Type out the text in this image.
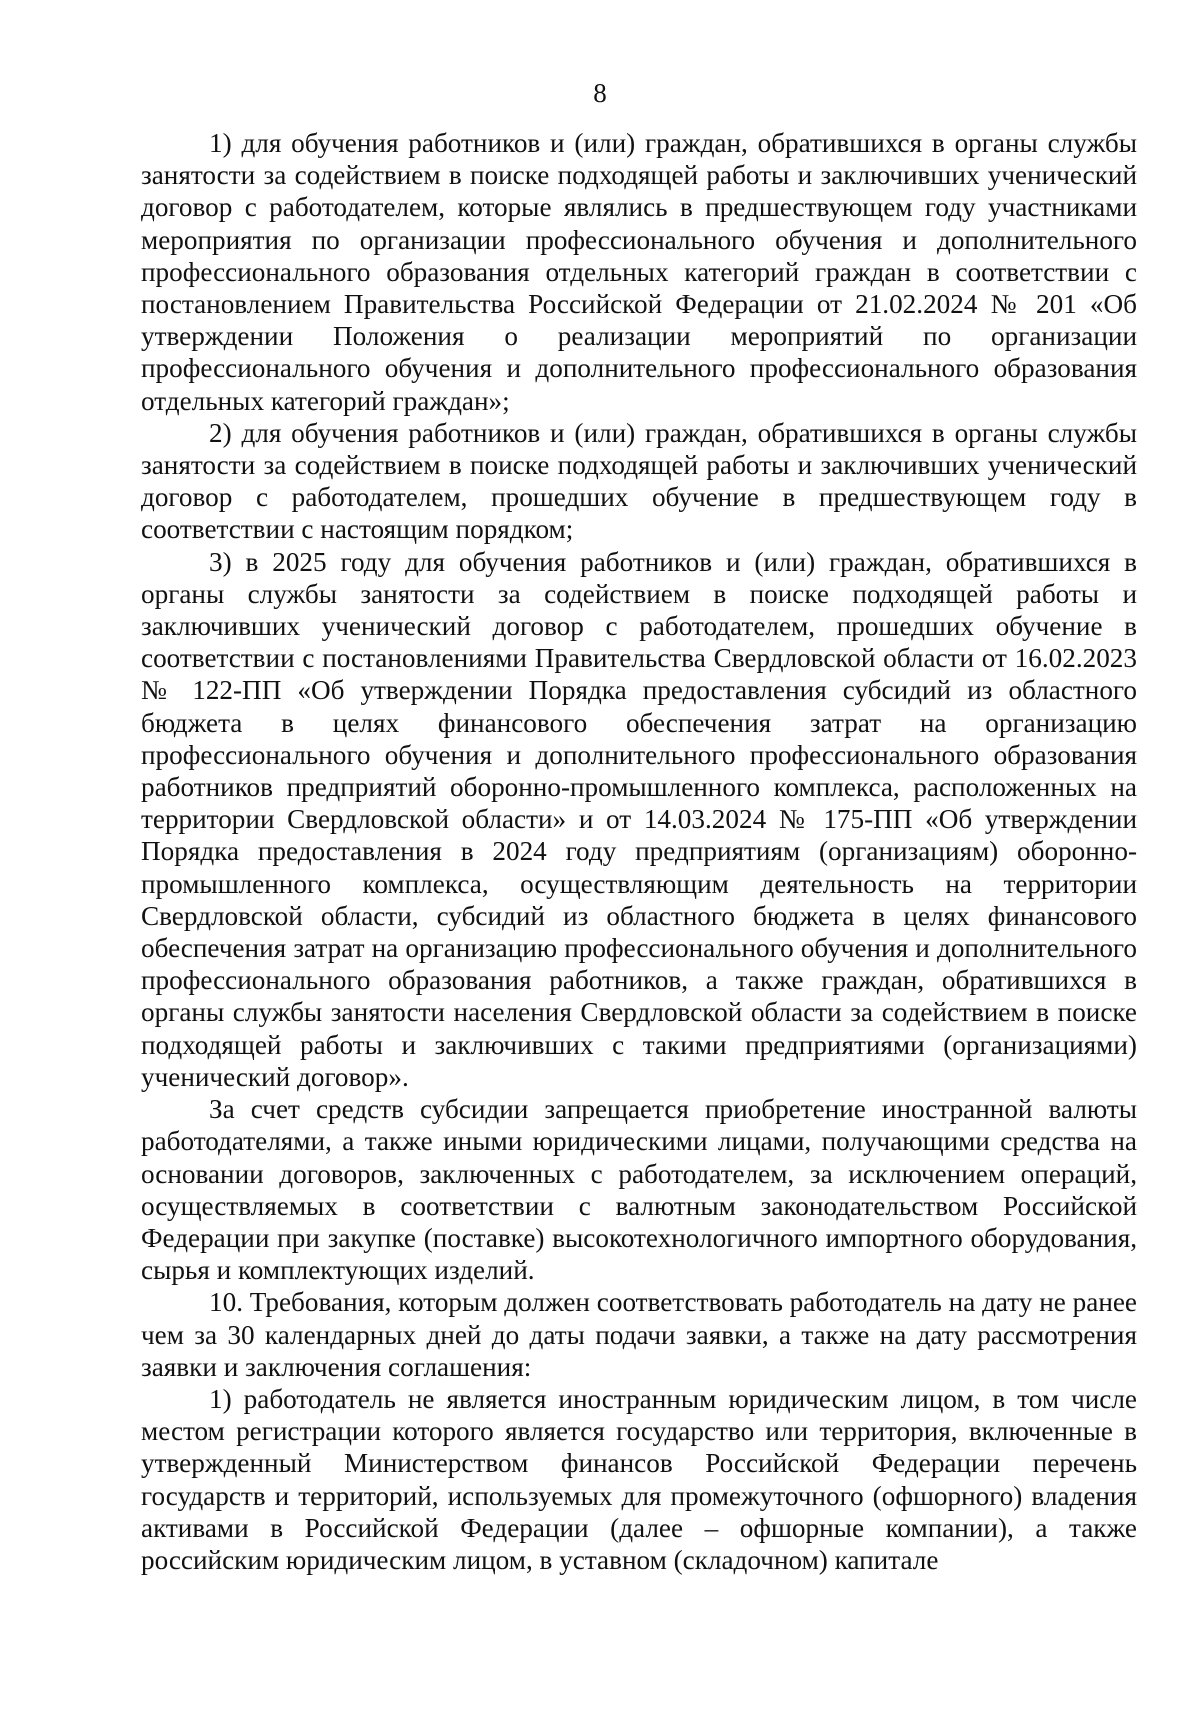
8

1) для обучения работников и (или) граждан, обратившихся в органы службы занятости за содействием в поиске подходящей работы и заключивших ученический договор с работодателем, которые являлись в предшествующем году участниками мероприятия по организации профессионального обучения и дополнительного профессионального образования отдельных категорий граждан в соответствии с постановлением Правительства Российской Федерации от 21.02.2024 № 201 «Об утверждении Положения о реализации мероприятий по организации профессионального обучения и дополнительного профессионального образования отдельных категорий граждан»;

2) для обучения работников и (или) граждан, обратившихся в органы службы занятости за содействием в поиске подходящей работы и заключивших ученический договор с работодателем, прошедших обучение в предшествующем году в соответствии с настоящим порядком;

3) в 2025 году для обучения работников и (или) граждан, обратившихся в органы службы занятости за содействием в поиске подходящей работы и заключивших ученический договор с работодателем, прошедших обучение в соответствии с постановлениями Правительства Свердловской области от 16.02.2023 № 122-ПП «Об утверждении Порядка предоставления субсидий из областного бюджета в целях финансового обеспечения затрат на организацию профессионального обучения и дополнительного профессионального образования работников предприятий оборонно-промышленного комплекса, расположенных на территории Свердловской области» и от 14.03.2024 № 175-ПП «Об утверждении Порядка предоставления в 2024 году предприятиям (организациям) оборонно-промышленного комплекса, осуществляющим деятельность на территории Свердловской области, субсидий из областного бюджета в целях финансового обеспечения затрат на организацию профессионального обучения и дополнительного профессионального образования работников, а также граждан, обратившихся в органы службы занятости населения Свердловской области за содействием в поиске подходящей работы и заключивших с такими предприятиями (организациями) ученический договор».

За счет средств субсидии запрещается приобретение иностранной валюты работодателями, а также иными юридическими лицами, получающими средства на основании договоров, заключенных с работодателем, за исключением операций, осуществляемых в соответствии с валютным законодательством Российской Федерации при закупке (поставке) высокотехнологичного импортного оборудования, сырья и комплектующих изделий.

10. Требования, которым должен соответствовать работодатель на дату не ранее чем за 30 календарных дней до даты подачи заявки, а также на дату рассмотрения заявки и заключения соглашения:

1) работодатель не является иностранным юридическим лицом, в том числе местом регистрации которого является государство или территория, включенные в утвержденный Министерством финансов Российской Федерации перечень государств и территорий, используемых для промежуточного (офшорного) владения активами в Российской Федерации (далее – офшорные компании), а также российским юридическим лицом, в уставном (складочном) капитале
